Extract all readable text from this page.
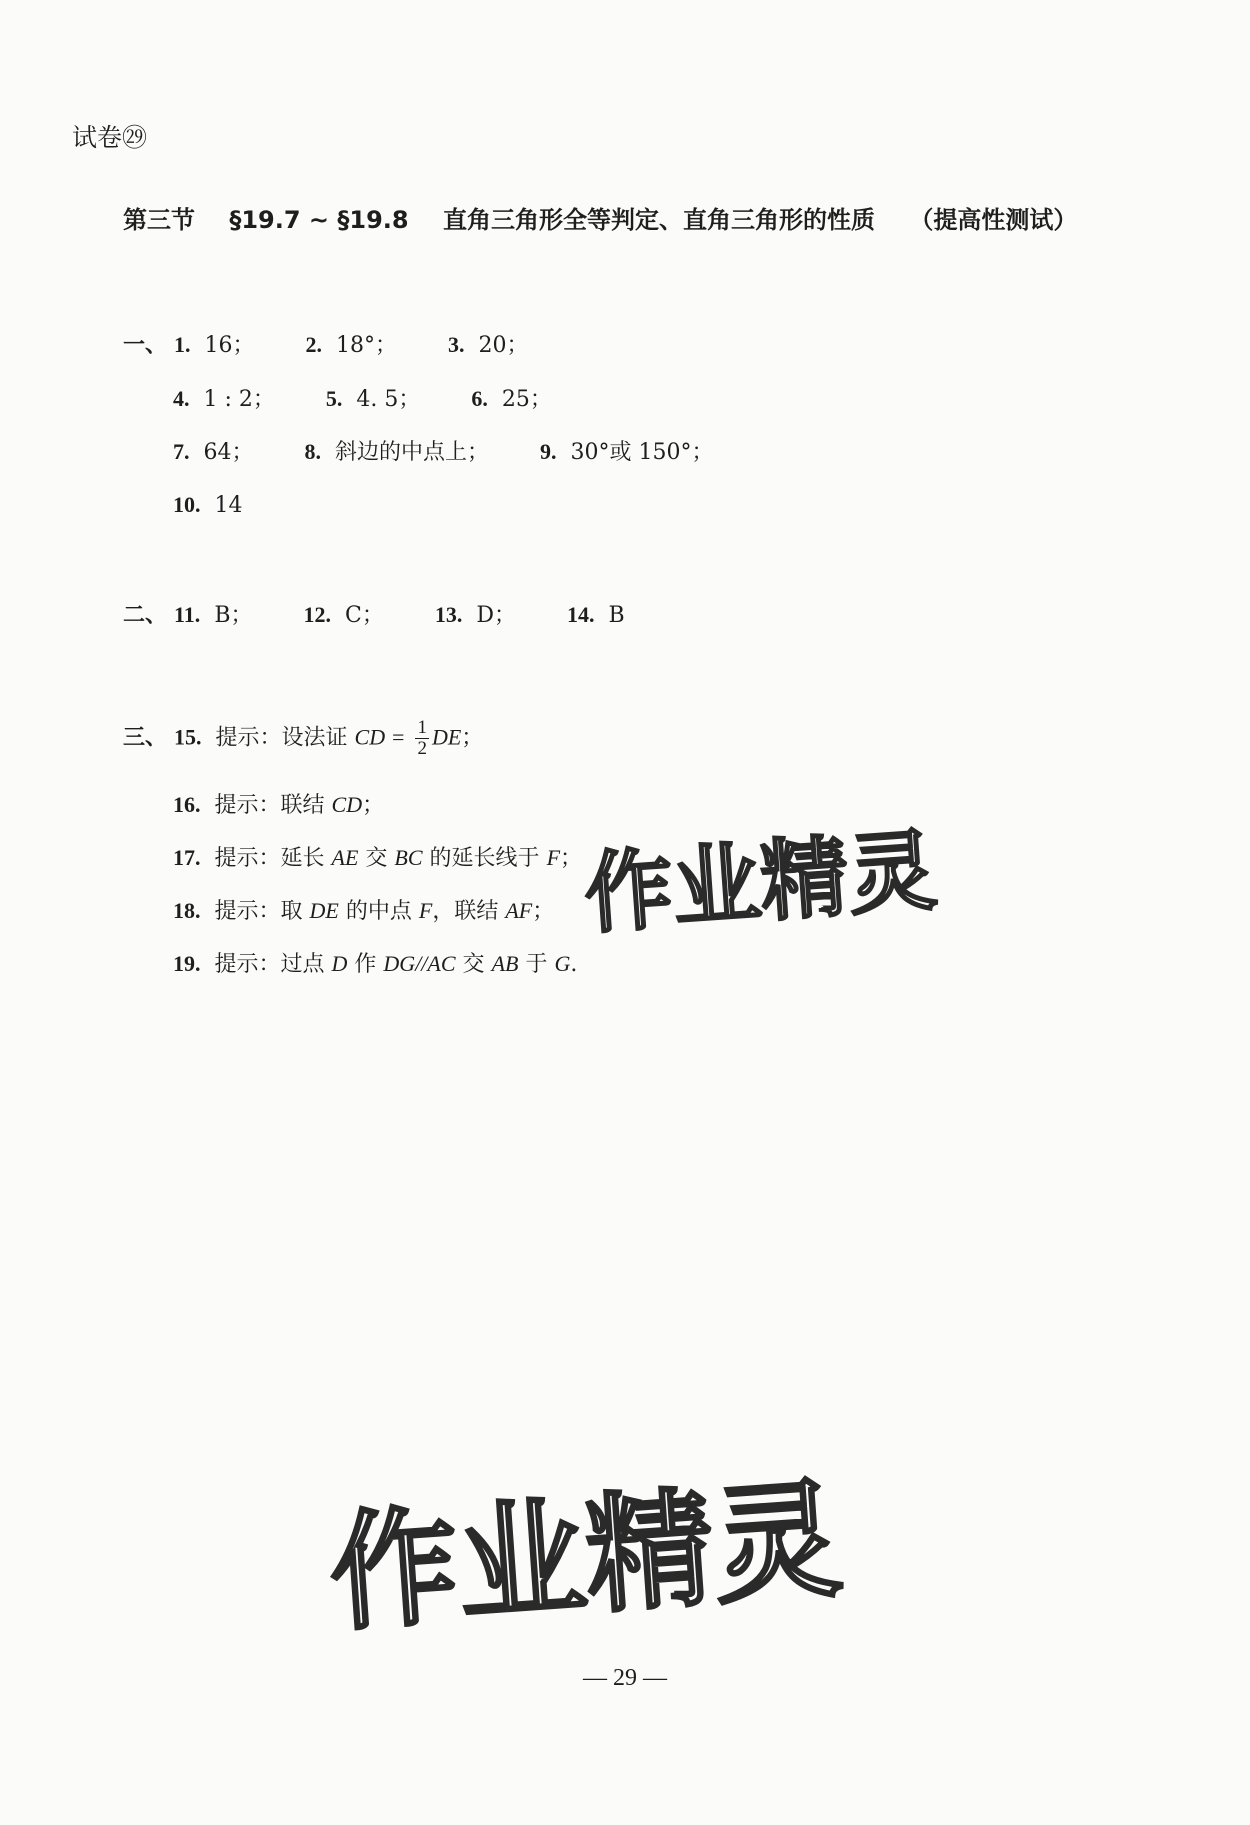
试卷㉙
第三节 §19.7 ~ §19.8 直角三角形全等判定、直角三角形的性质 （提高性测试）
一、 1. 16； 2. 18°； 3. 20；
4. 1 : 2； 5. 4. 5； 6. 25；
7. 64； 8. 斜边的中点上； 9. 30°或 150°；
10. 14
二、 11. B； 12. C； 13. D； 14. B
三、 15. 提示：设法证 CD = $\frac{1}{2}$ DE；
16. 提示：联结 CD；
17. 提示：延长 AE 交 BC 的延长线于 F；
18. 提示：取 DE 的中点 F，联结 AF；
19. 提示：过点 D 作 DG//AC 交 AB 于 G.
作业精灵
作业精灵
— 29 —
